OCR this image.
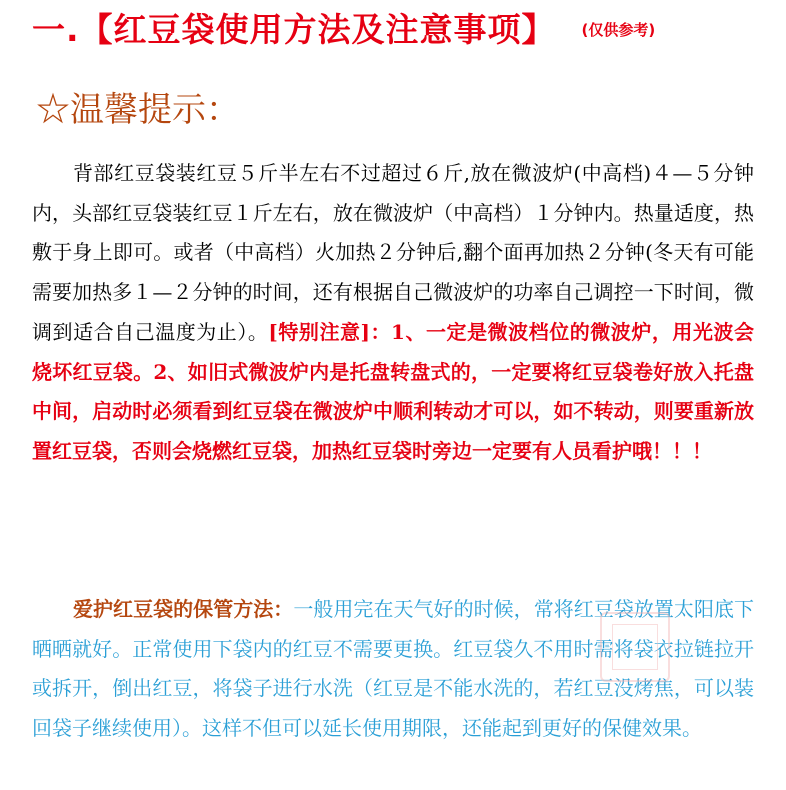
一.【红豆袋使用方法及注意事项】 (仅供参考)
☆温馨提示：
背部红豆袋装红豆５斤半左右不过超过６斤,放在微波炉(中高档)４—５分钟内，头部红豆袋装红豆１斤左右，放在微波炉（中高档）１分钟内。热量适度，热敷于身上即可。或者（中高档）火加热２分钟后,翻个面再加热２分钟(冬天有可能需要加热多１—２分钟的时间，还有根据自己微波炉的功率自己调控一下时间，微调到适合自己温度为止）。[特别注意]：1、一定是微波档位的微波炉，用光波会烧坏红豆袋。2、如旧式微波炉内是托盘转盘式的，一定要将红豆袋卷好放入托盘中间，启动时必须看到红豆袋在微波炉中顺利转动才可以，如不转动，则要重新放置红豆袋，否则会烧燃红豆袋，加热红豆袋时旁边一定要有人员看护哦！！！
爱护红豆袋的保管方法：一般用完在天气好的时候，常将红豆袋放置太阳底下晒晒就好。正常使用下袋内的红豆不需要更换。红豆袋久不用时需将袋衣拉链拉开或拆开，倒出红豆，将袋子进行水洗（红豆是不能水洗的，若红豆没烤焦，可以装回袋子继续使用）。这样不但可以延长使用期限，还能起到更好的保健效果。
